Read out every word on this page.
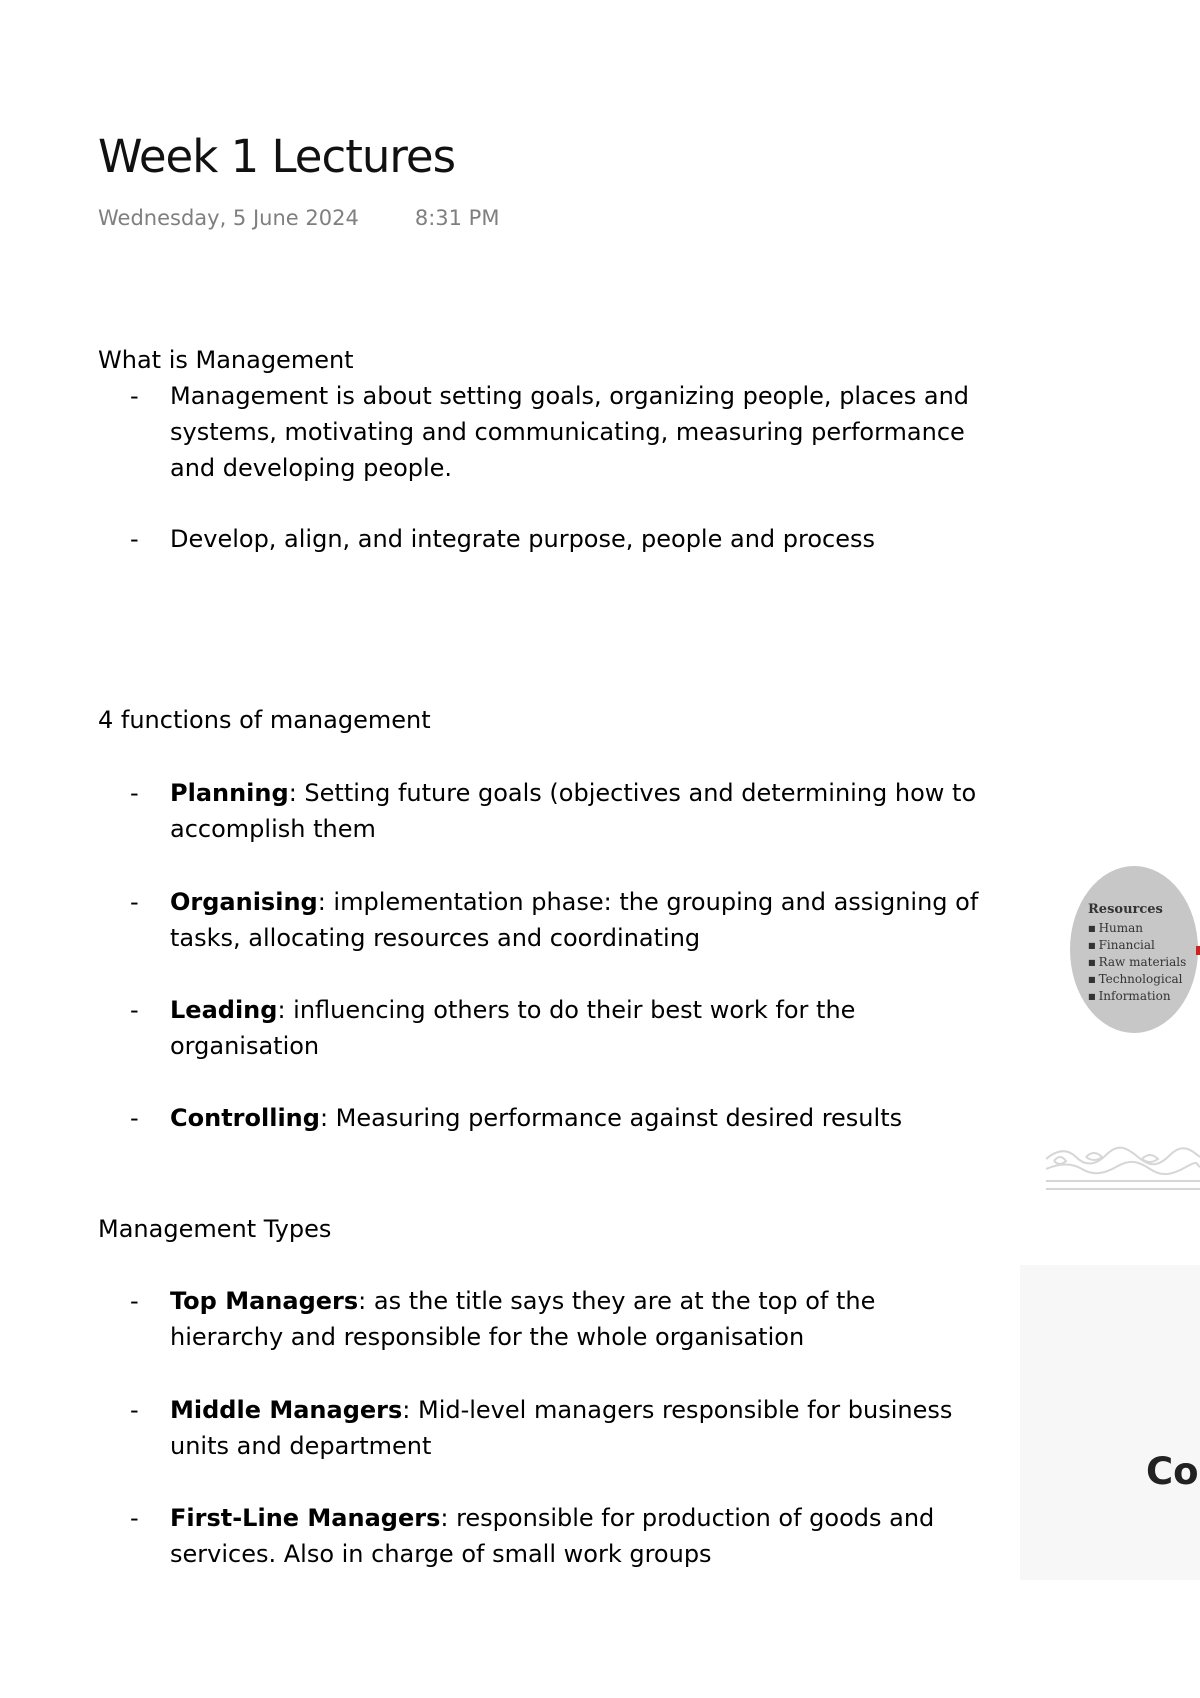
Week 1 Lectures
Wednesday, 5 June 2024	8:31 PM
What is Management
- Management is about setting goals, organizing people, places and systems, motivating and communicating, measuring performance and developing people.
- Develop, align, and integrate purpose, people and process
4 functions of management
- Planning: Setting future goals (objectives and determining how to accomplish them
- Organising: implementation phase: the grouping and assigning of tasks, allocating resources and coordinating
- Leading: influencing others to do their best work for the organisation
- Controlling: Measuring performance against desired results
Management Types
- Top Managers: as the title says they are at the top of the hierarchy and responsible for the whole organisation
- Middle Managers: Mid-level managers responsible for business units and department
- First-Line Managers: responsible for production of goods and services. Also in charge of small work groups
Resources
■ Human
■ Financial
■ Raw materials
■ Technological
■ Information
Co
